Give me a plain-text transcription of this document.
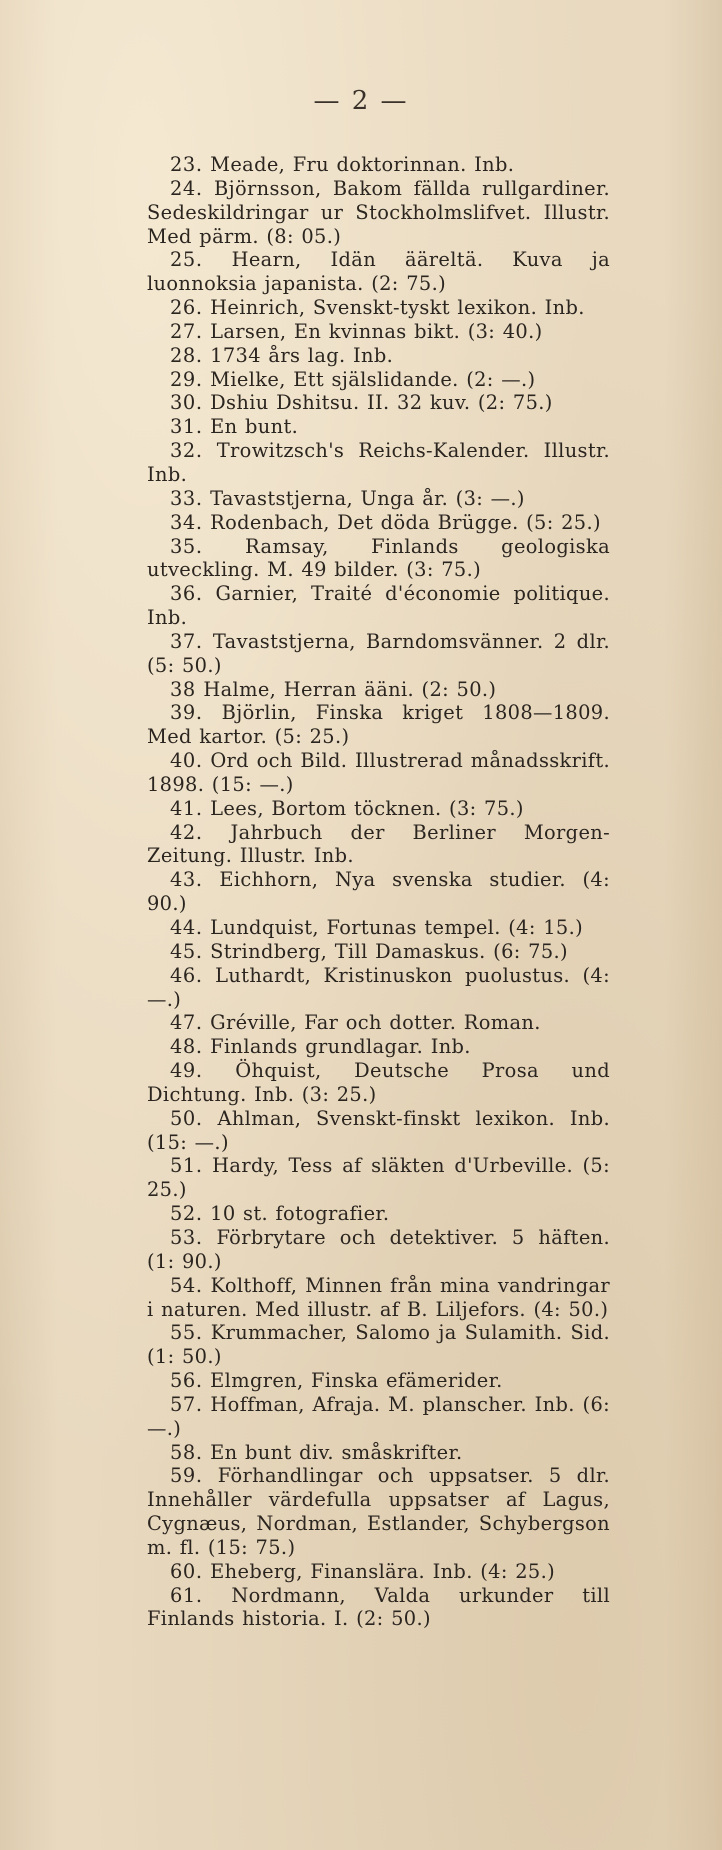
— 2 —

23. Meade, Fru doktorinnan. Inb.

24. Björnsson, Bakom fällda rullgardiner. Sedeskildringar ur Stockholmslifvet. Illustr. Med pärm. (8: 05.)

25. Hearn, Idän ääreltä. Kuva ja luonnoksia japanista. (2: 75.)

26. Heinrich, Svenskt-tyskt lexikon. Inb.

27. Larsen, En kvinnas bikt. (3: 40.)

28. 1734 års lag. Inb.

29. Mielke, Ett själslidande. (2: —.)

30. Dshiu Dshitsu. II. 32 kuv. (2: 75.)

31. En bunt.

32. Trowitzsch's Reichs-Kalender. Illustr. Inb.

33. Tavaststjerna, Unga år. (3: —.)

34. Rodenbach, Det döda Brügge. (5: 25.)

35. Ramsay, Finlands geologiska utveckling. M. 49 bilder. (3: 75.)

36. Garnier, Traité d'économie politique. Inb.

37. Tavaststjerna, Barndomsvänner. 2 dlr. (5: 50.)

38 Halme, Herran ääni. (2: 50.)

39. Björlin, Finska kriget 1808—1809. Med kartor. (5: 25.)

40. Ord och Bild. Illustrerad månadsskrift. 1898. (15: —.)

41. Lees, Bortom töcknen. (3: 75.)

42. Jahrbuch der Berliner Morgen-Zeitung. Illustr. Inb.

43. Eichhorn, Nya svenska studier. (4: 90.)

44. Lundquist, Fortunas tempel. (4: 15.)

45. Strindberg, Till Damaskus. (6: 75.)

46. Luthardt, Kristinuskon puolustus. (4: —.)

47. Gréville, Far och dotter. Roman.

48. Finlands grundlagar. Inb.

49. Öhquist, Deutsche Prosa und Dichtung. Inb. (3: 25.)

50. Ahlman, Svenskt-finskt lexikon. Inb. (15: —.)

51. Hardy, Tess af släkten d'Urbeville. (5: 25.)

52. 10 st. fotografier.

53. Förbrytare och detektiver. 5 häften. (1: 90.)

54. Kolthoff, Minnen från mina vandringar i naturen. Med illustr. af B. Liljefors. (4: 50.)

55. Krummacher, Salomo ja Sulamith. Sid. (1: 50.)

56. Elmgren, Finska efämerider.

57. Hoffman, Afraja. M. planscher. Inb. (6: —.)

58. En bunt div. småskrifter.

59. Förhandlingar och uppsatser. 5 dlr. Innehåller värdefulla uppsatser af Lagus, Cygnæus, Nordman, Estlander, Schybergson m. fl. (15: 75.)

60. Eheberg, Finanslära. Inb. (4: 25.)

61. Nordmann, Valda urkunder till Finlands historia. I. (2: 50.)
